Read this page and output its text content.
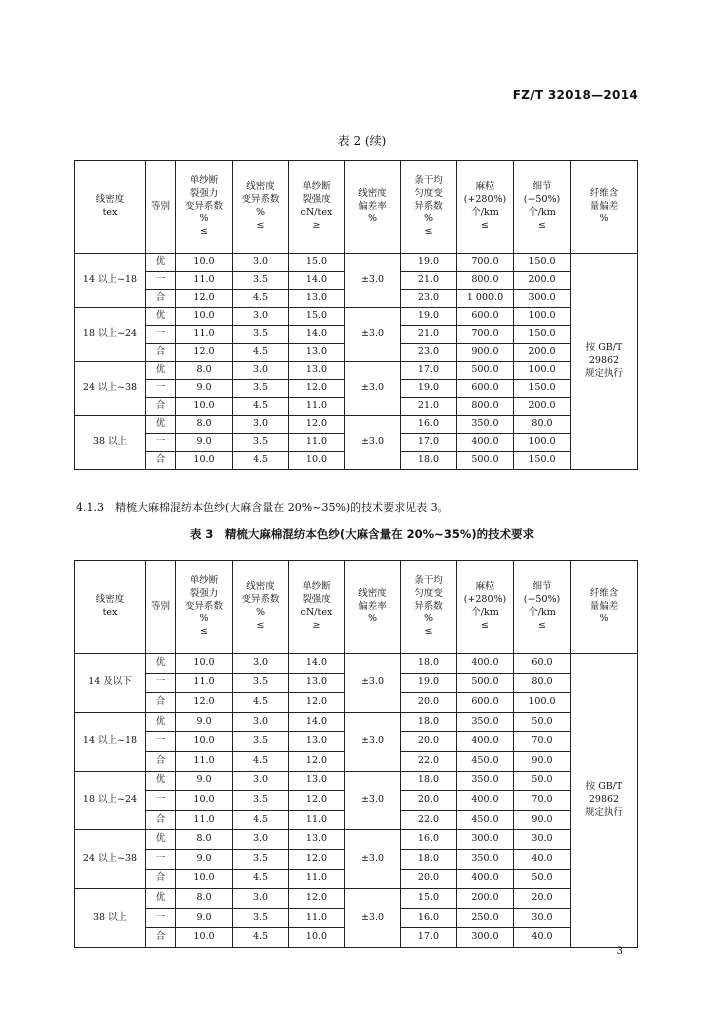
FZ/T 32018—2014
表 2 (续)
线密度
tex	等别	单纱断
裂强力
变异系数
%
≤	线密度
变异系数
%
≤	单纱断
裂强度
cN/tex
≥	线密度
偏差率
%	条干均
匀度变
异系数
%
≤	麻粒
(+280%)
个/km
≤	细节
(−50%)
个/km
≤	纤维含
量偏差
%
14 以上~18	优	10.0	3.0	15.0	±3.0	19.0	700.0	150.0	按 GB/T 29862
规定执行
	一	11.0	3.5	14.0		21.0	800.0	200.0	
	合	12.0	4.5	13.0		23.0	1 000.0	300.0	
18 以上~24	优	10.0	3.0	15.0	±3.0	19.0	600.0	100.0	
	一	11.0	3.5	14.0		21.0	700.0	150.0	
	合	12.0	4.5	13.0		23.0	900.0	200.0	
24 以上~38	优	8.0	3.0	13.0	±3.0	17.0	500.0	100.0	
	一	9.0	3.5	12.0		19.0	600.0	150.0	
	合	10.0	4.5	11.0		21.0	800.0	200.0	
38 以上	优	8.0	3.0	12.0	±3.0	16.0	350.0	80.0	
	一	9.0	3.5	11.0		17.0	400.0	100.0	
	合	10.0	4.5	10.0		18.0	500.0	150.0	
4.1.3　精梳大麻棉混纺本色纱(大麻含量在 20%~35%)的技术要求见表 3。
表 3　精梳大麻棉混纺本色纱(大麻含量在 20%~35%)的技术要求
线密度
tex	等别	单纱断
裂强力
变异系数
%
≤	线密度
变异系数
%
≤	单纱断
裂强度
cN/tex
≥	线密度
偏差率
%	条干均
匀度变
异系数
%
≤	麻粒
(+280%)
个/km
≤	细节
(−50%)
个/km
≤	纤维含
量偏差
%
14 及以下	优	10.0	3.0	14.0	±3.0	18.0	400.0	60.0	按 GB/T 29862
规定执行
	一	11.0	3.5	13.0		19.0	500.0	80.0	
	合	12.0	4.5	12.0		20.0	600.0	100.0	
14 以上~18	优	9.0	3.0	14.0	±3.0	18.0	350.0	50.0	
	一	10.0	3.5	13.0		20.0	400.0	70.0	
	合	11.0	4.5	12.0		22.0	450.0	90.0	
18 以上~24	优	9.0	3.0	13.0	±3.0	18.0	350.0	50.0	
	一	10.0	3.5	12.0		20.0	400.0	70.0	
	合	11.0	4.5	11.0		22.0	450.0	90.0	
24 以上~38	优	8.0	3.0	13.0	±3.0	16.0	300.0	30.0	
	一	9.0	3.5	12.0		18.0	350.0	40.0	
	合	10.0	4.5	11.0		20.0	400.0	50.0	
38 以上	优	8.0	3.0	12.0	±3.0	15.0	200.0	20.0	
	一	9.0	3.5	11.0		16.0	250.0	30.0	
	合	10.0	4.5	10.0		17.0	300.0	40.0	
3
